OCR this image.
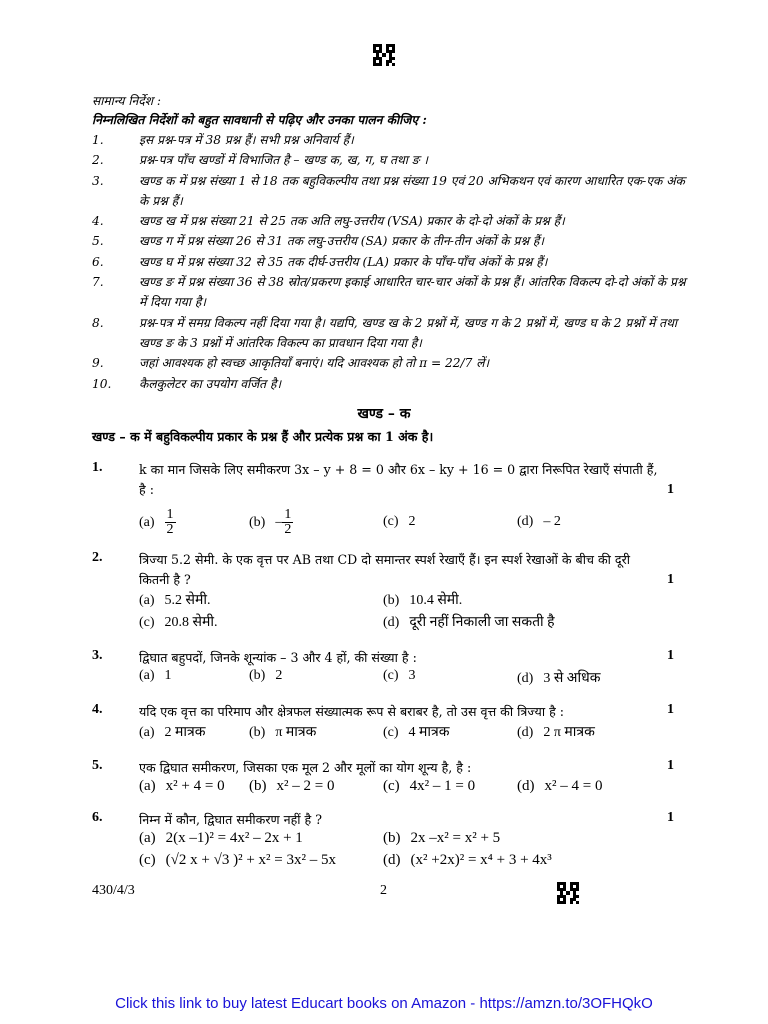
सामान्य निर्देश :
निम्नलिखित निर्देशों को बहुत सावधानी से पढ़िए और उनका पालन कीजिए :
1.	इस प्रश्न-पत्र में 38 प्रश्न हैं। सभी प्रश्न अनिवार्य हैं।
2.	प्रश्न-पत्र पाँच खण्डों में विभाजित है – खण्ड क, ख, ग, घ तथा ङ ।
3.	खण्ड क में प्रश्न संख्या 1 से 18 तक बहुविकल्पीय तथा प्रश्न संख्या 19 एवं 20 अभिकथन एवं कारण आधारित एक-एक अंक के प्रश्न हैं।
4.	खण्ड ख में प्रश्न संख्या 21 से 25 तक अति लघु-उत्तरीय (VSA) प्रकार के दो-दो अंकों के प्रश्न हैं।
5.	खण्ड ग में प्रश्न संख्या 26 से 31 तक लघु-उत्तरीय (SA) प्रकार के तीन-तीन अंकों के प्रश्न हैं।
6.	खण्ड घ में प्रश्न संख्या 32 से 35 तक दीर्घ-उत्तरीय (LA) प्रकार के पाँच-पाँच अंकों के प्रश्न हैं।
7.	खण्ड ङ में प्रश्न संख्या 36 से 38 स्रोत/प्रकरण इकाई आधारित चार-चार अंकों के प्रश्न हैं। आंतरिक विकल्प दो-दो अंकों के प्रश्न में दिया गया है।
8.	प्रश्न-पत्र में समग्र विकल्प नहीं दिया गया है। यद्यपि, खण्ड ख के 2 प्रश्नों में, खण्ड ग के 2 प्रश्नों में, खण्ड घ के 2 प्रश्नों में तथा खण्ड ङ के 3 प्रश्नों में आंतरिक विकल्प का प्रावधान दिया गया है।
9.	जहां आवश्यक हो स्वच्छ आकृतियाँ बनाएं। यदि आवश्यक हो तो π = 22/7 लें।
10. कैलकुलेटर का उपयोग वर्जित है।
खण्ड – क
खण्ड – क में बहुविकल्पीय प्रकार के प्रश्न हैं और प्रत्येक प्रश्न का 1 अंक है।
1.	k का मान जिसके लिए समीकरण 3x – y + 8 = 0 और 6x – ky + 16 = 0 द्वारा निरूपित रेखाएँ संपाती हैं, है :	1
$(a) \frac{1}{2}$	$(b) - \frac{1}{2}$	(c) 2	(d) – 2
2.	त्रिज्या 5.2 सेमी. के एक वृत्त पर AB तथा CD दो समान्तर स्पर्श रेखाएँ हैं। इन स्पर्श रेखाओं के बीच की दूरी कितनी है ?	1
(a) 5.2 सेमी.	(b) 10.4 सेमी.
(c) 20.8 सेमी.	(d) दूरी नहीं निकाली जा सकती है
3.	द्विघात बहुपदों, जिनके शून्यांक – 3 और 4 हों, की संख्या है :	1
(a) 1	(b) 2	(c) 3	(d) 3 से अधिक
4.	यदि एक वृत्त का परिमाप और क्षेत्रफल संख्यात्मक रूप से बराबर है, तो उस वृत्त की त्रिज्या है :	1
(a) 2 मात्रक	(b) π मात्रक	(c) 4 मात्रक	(d) 2 π मात्रक
5.	एक द्विघात समीकरण, जिसका एक मूल 2 और मूलों का योग शून्य है, है :	1
(a) x² + 4 = 0 (b) x² – 2 = 0	(c) 4x² – 1 = 0	(d) x² – 4 = 0
6.	निम्न में कौन, द्विघात समीकरण नहीं है ?	1
(a) 2(x –1)² = 4x² – 2x + 1	(b) 2x –x² = x² + 5
(c) (√2 x + √3 )² + x² = 3x² – 5x	(d) (x² +2x)² = x⁴ + 3 + 4x³
430/4/3	2
Click this link to buy latest Educart books on Amazon - https://amzn.to/3OFHQkO
